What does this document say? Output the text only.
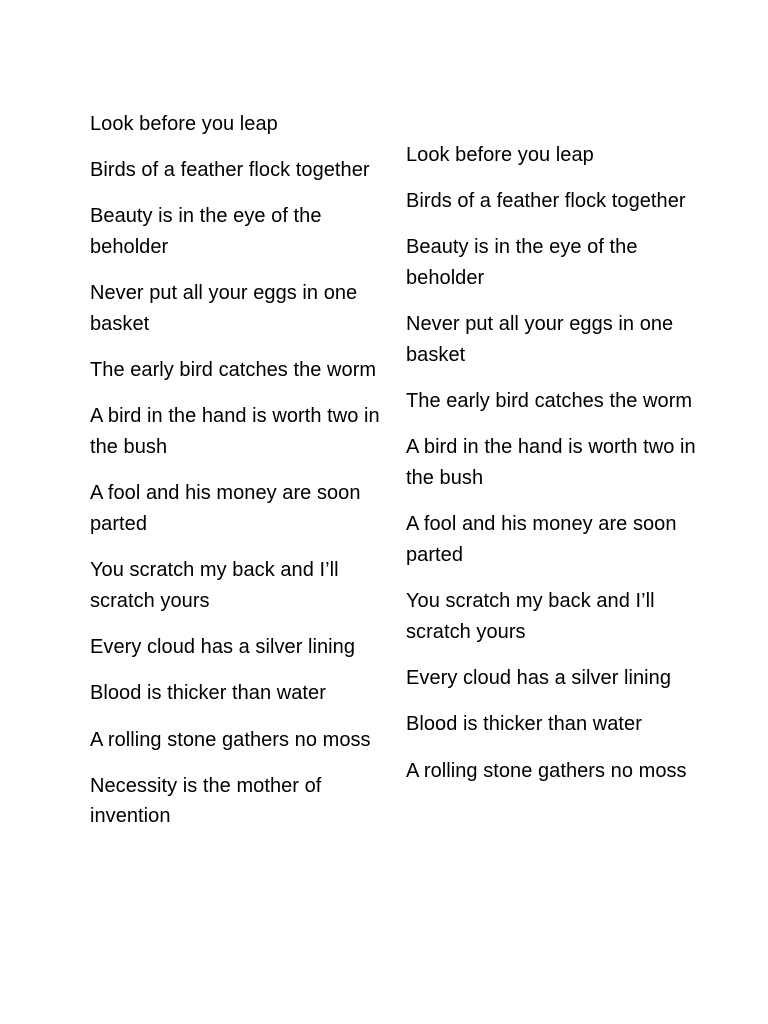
Look before you leap
Birds of a feather flock together
Beauty is in the eye of the beholder
Never put all your eggs in one basket
The early bird catches the worm
A bird in the hand is worth two in the bush
A fool and his money are soon parted
You scratch my back and I’ll scratch yours
Every cloud has a silver lining
Blood is thicker than water
A rolling stone gathers no moss
Necessity is the mother of invention
Look before you leap
Birds of a feather flock together
Beauty is in the eye of the beholder
Never put all your eggs in one basket
The early bird catches the worm
A bird in the hand is worth two in the bush
A fool and his money are soon parted
You scratch my back and I’ll scratch yours
Every cloud has a silver lining
Blood is thicker than water
A rolling stone gathers no moss
